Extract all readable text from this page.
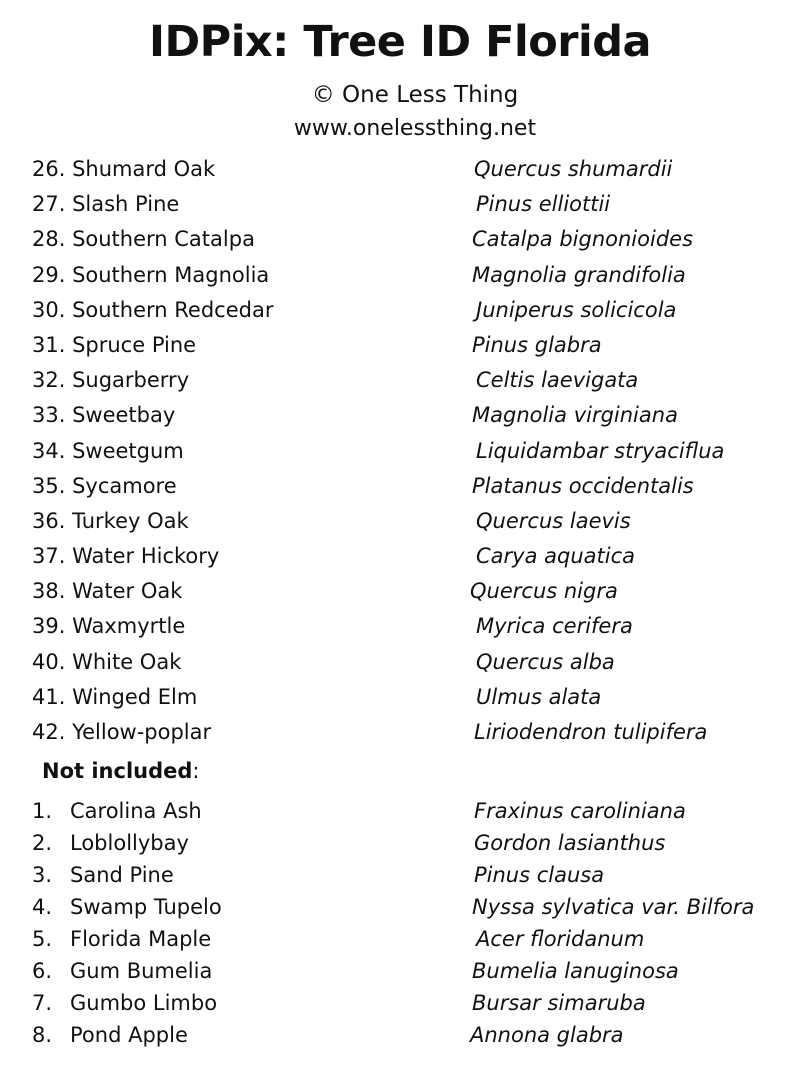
IDPix: Tree ID Florida
© One Less Thing
www.onelessthing.net
26. Shumard Oak	Quercus shumardii
27. Slash Pine	Pinus elliottii
28. Southern Catalpa	Catalpa bignonioides
29. Southern Magnolia	Magnolia grandifolia
30. Southern Redcedar	Juniperus solicicola
31. Spruce Pine	Pinus glabra
32. Sugarberry	Celtis laevigata
33. Sweetbay	Magnolia virginiana
34. Sweetgum	Liquidambar stryaciflua
35. Sycamore	Platanus occidentalis
36. Turkey Oak	Quercus laevis
37. Water Hickory	Carya aquatica
38. Water Oak	Quercus nigra
39. Waxmyrtle	Myrica cerifera
40. White Oak	Quercus alba
41. Winged Elm	Ulmus alata
42. Yellow-poplar	Liriodendron tulipifera
Not included:
1. Carolina Ash	Fraxinus caroliniana
2. Loblollybay	Gordon lasianthus
3. Sand Pine	Pinus clausa
4. Swamp Tupelo	Nyssa sylvatica var. Bilfora
5. Florida Maple	Acer floridanum
6. Gum Bumelia	Bumelia lanuginosa
7. Gumbo Limbo	Bursar simaruba
8. Pond Apple	Annona glabra
